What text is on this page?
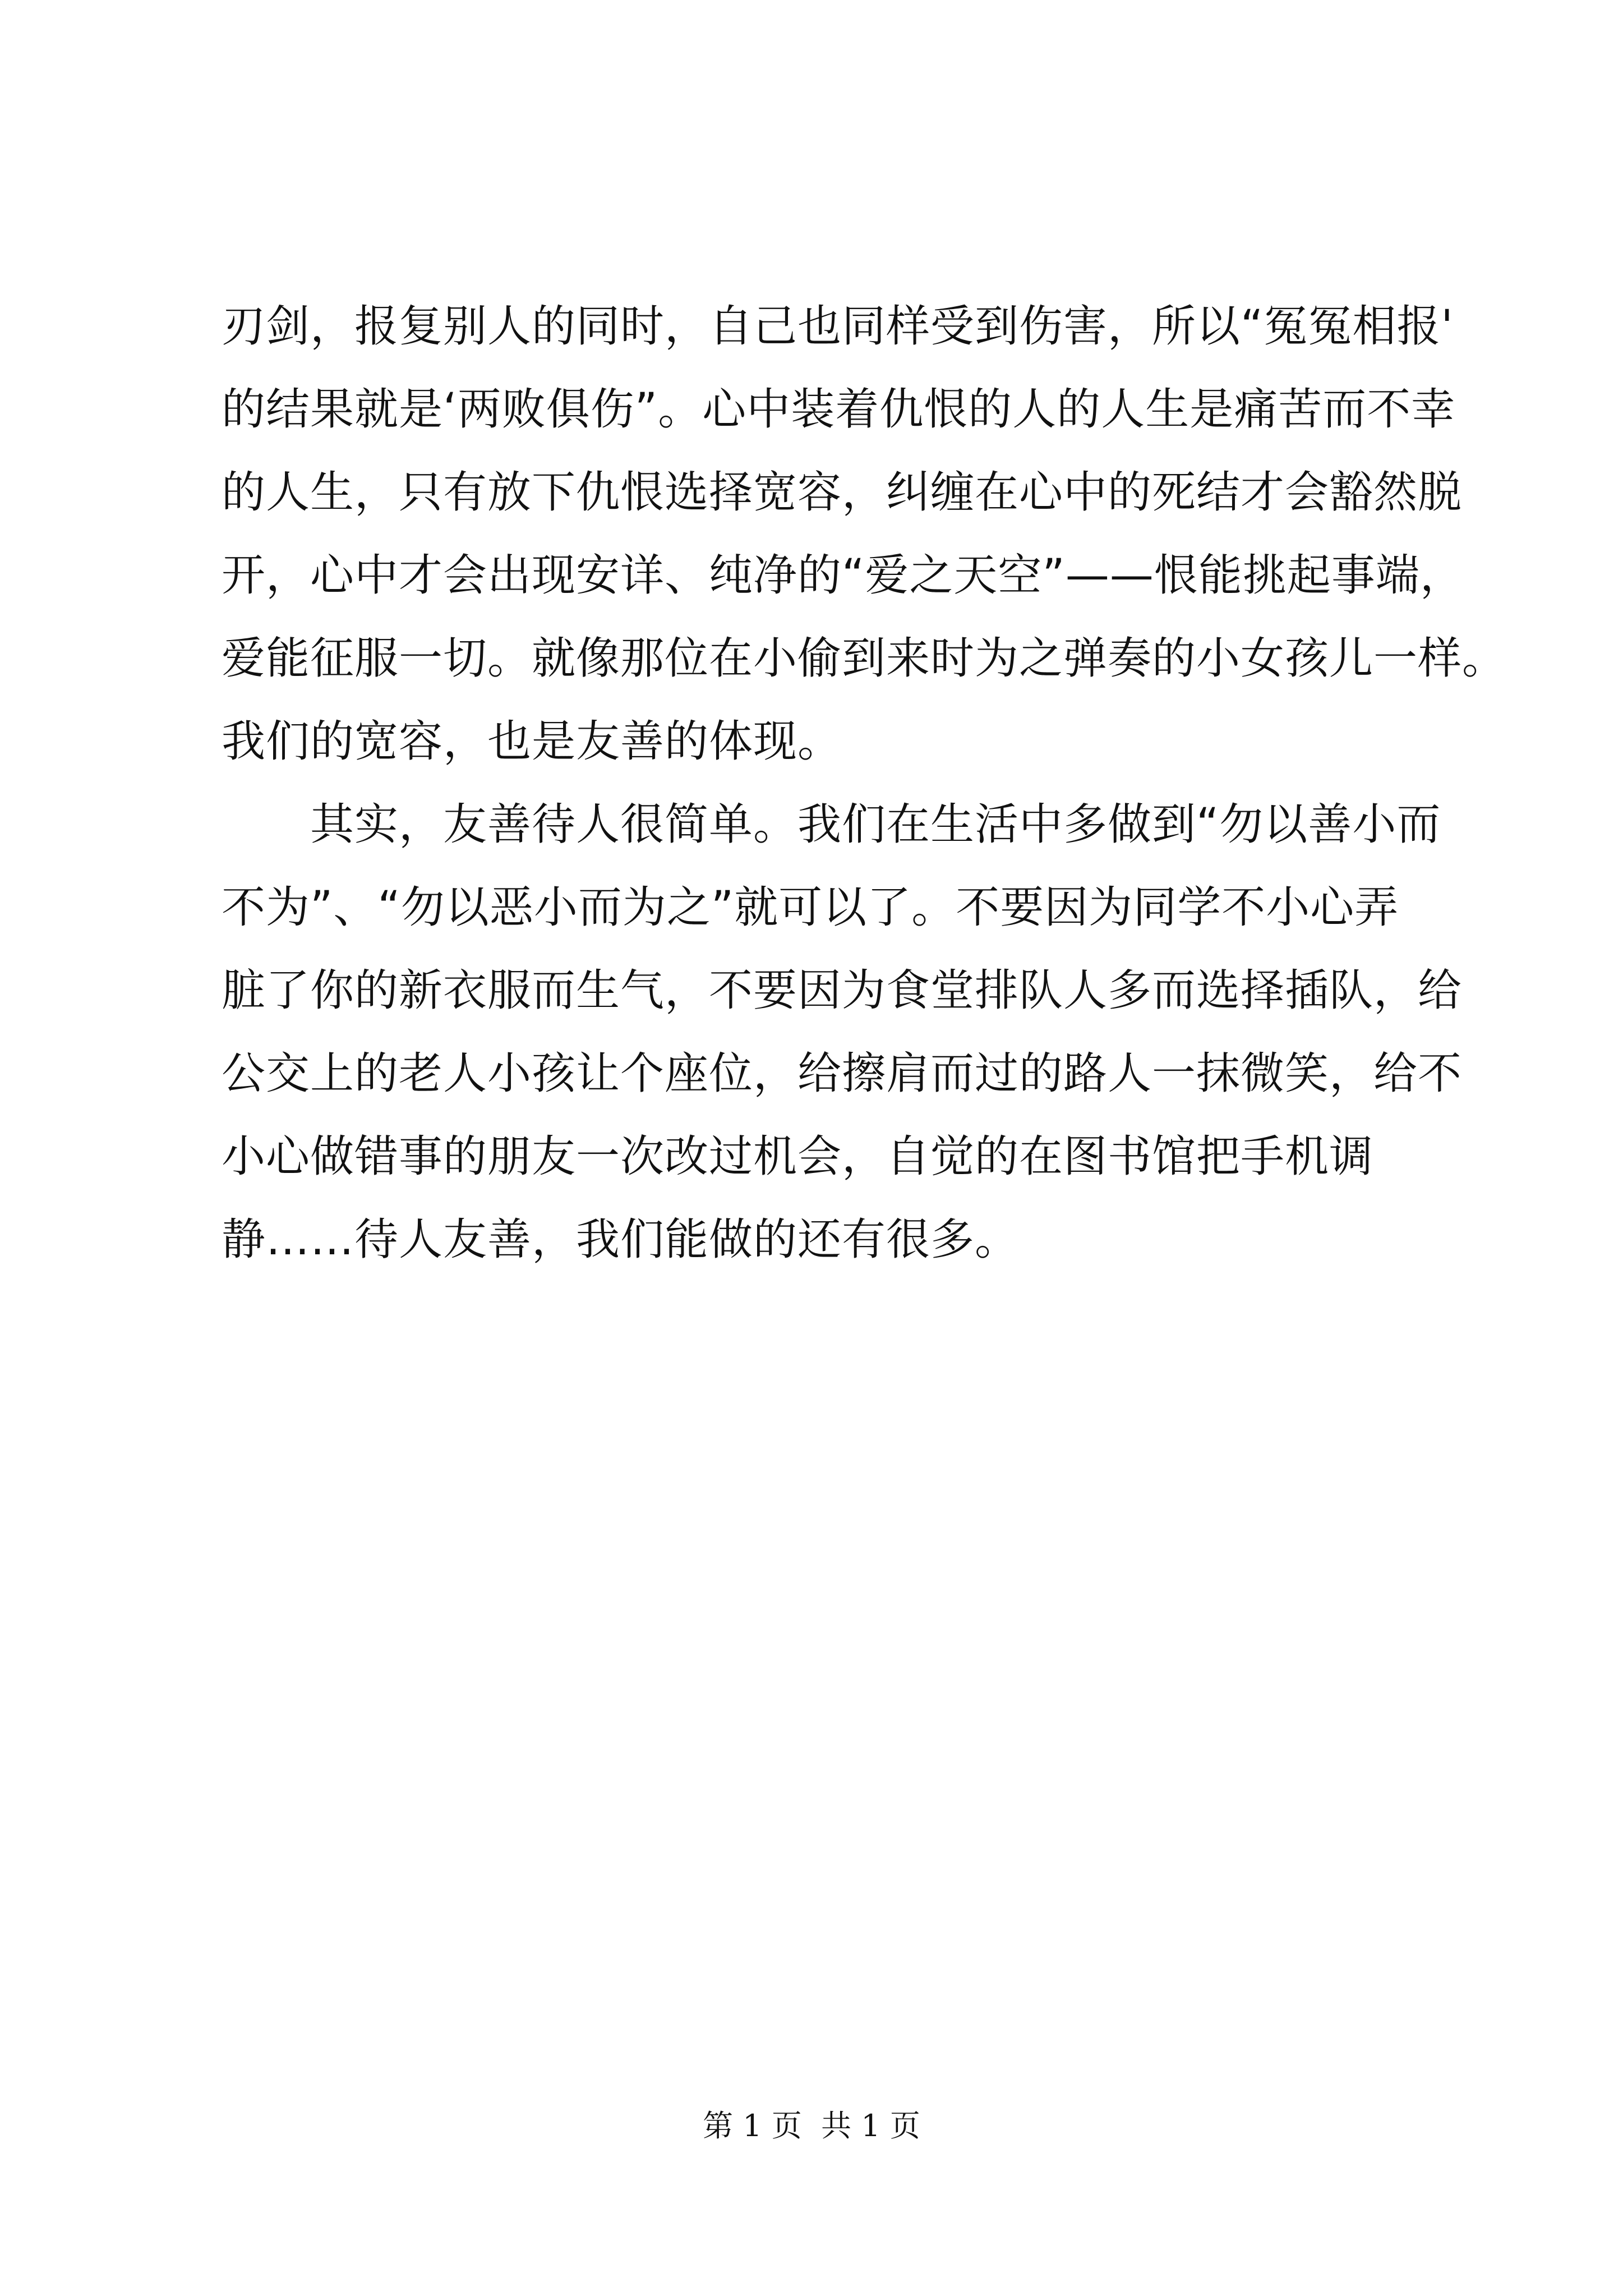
刃剑，报复别人的同时，自己也同样受到伤害，所以“冤冤相报'
的结果就是‘两败俱伤”。心中装着仇恨的人的人生是痛苦而不幸
的人生，只有放下仇恨选择宽容，纠缠在心中的死结才会豁然脱
开，心中才会出现安详、纯净的“爱之天空”——恨能挑起事端，
爱能征服一切。就像那位在小偷到来时为之弹奏的小女孩儿一样。
我们的宽容，也是友善的体现。
　　其实，友善待人很简单。我们在生活中多做到“勿以善小而
不为”、“勿以恶小而为之”就可以了。不要因为同学不小心弄
脏了你的新衣服而生气，不要因为食堂排队人多而选择插队，给
公交上的老人小孩让个座位，给擦肩而过的路人一抹微笑，给不
小心做错事的朋友一次改过机会，自觉的在图书馆把手机调
静……待人友善，我们能做的还有很多。
第 1 页  共 1 页
